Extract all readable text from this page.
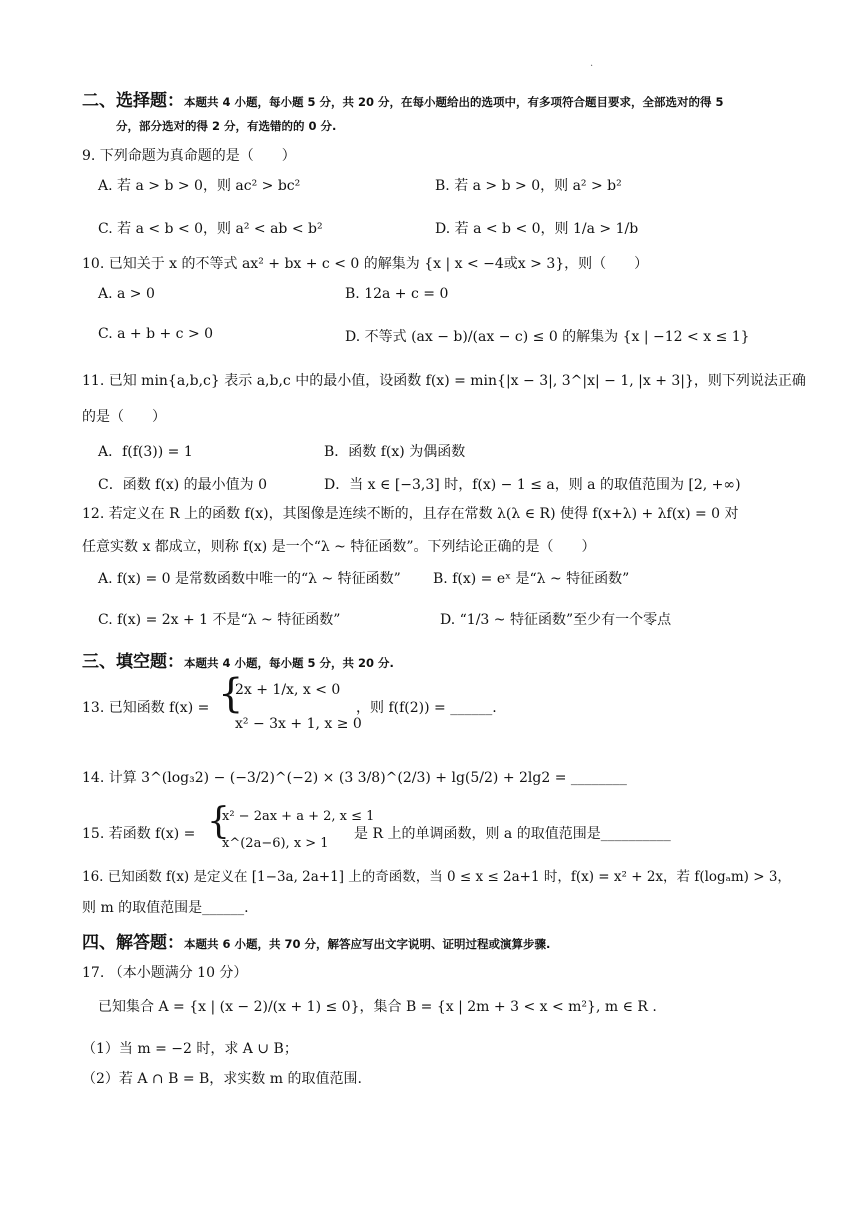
.
二、选择题：本题共 4 小题，每小题 5 分，共 20 分，在每小题给出的选项中，有多项符合题目要求，全部选对的得 5
分，部分选对的得 2 分，有选错的的 0 分.
9. 下列命题为真命题的是（　　）
A. 若 a > b > 0，则 ac² > bc²	B. 若 a > b > 0，则 a² > b²
C. 若 a < b < 0，则 a² < ab < b²	D. 若 a < b < 0，则 1/a > 1/b
10. 已知关于 x 的不等式 ax² + bx + c < 0 的解集为 {x | x < −4或x > 3}，则（　　）
A. a > 0	B. 12a + c = 0
C. a + b + c > 0	D. 不等式 (ax − b)/(ax − c) ≤ 0 的解集为 {x | −12 < x ≤ 1}
11. 已知 min{a,b,c} 表示 a,b,c 中的最小值，设函数 f(x) = min{|x − 3|, 3^|x| − 1, |x + 3|}，则下列说法正确
的是（　　）
A．f(f(3)) = 1	B．函数 f(x) 为偶函数
C．函数 f(x) 的最小值为 0	D．当 x ∈ [−3,3] 时，f(x) − 1 ≤ a，则 a 的取值范围为 [2, +∞)
12. 若定义在 R 上的函数 f(x)，其图像是连续不断的，且存在常数 λ(λ ∈ R) 使得 f(x+λ) + λf(x) = 0 对
任意实数 x 都成立，则称 f(x) 是一个“λ ~ 特征函数”。下列结论正确的是（　　）
A. f(x) = 0 是常数函数中唯一的“λ ~ 特征函数” B. f(x) = eˣ 是“λ ~ 特征函数”
C. f(x) = 2x + 1 不是“λ ~ 特征函数”	D. “1/3 ~ 特征函数”至少有一个零点
三、填空题：本题共 4 小题，每小题 5 分，共 20 分.
13. 已知函数 f(x) = {
2x + 1/x, x < 0
x² − 3x + 1, x ≥ 0
，则 f(f(2)) = ______.
14. 计算 3^(log₃2) − (−3/2)^(−2) × (3 3/8)^(2/3) + lg(5/2) + 2lg2 = ________
15. 若函数 f(x) = {
x² − 2ax + a + 2, x ≤ 1
x^(2a−6), x > 1
是 R 上的单调函数，则 a 的取值范围是__________
16. 已知函数 f(x) 是定义在 [1−3a, 2a+1] 上的奇函数，当 0 ≤ x ≤ 2a+1 时，f(x) = x² + 2x，若 f(logₐm) > 3，
则 m 的取值范围是______.
四、解答题：本题共 6 小题，共 70 分，解答应写出文字说明、证明过程或演算步骤.
17. （本小题满分 10 分）
已知集合 A = {x | (x − 2)/(x + 1) ≤ 0}，集合 B = {x | 2m + 3 < x < m²}, m ∈ R .
（1）当 m = −2 时，求 A ∪ B；
（2）若 A ∩ B = B，求实数 m 的取值范围.
